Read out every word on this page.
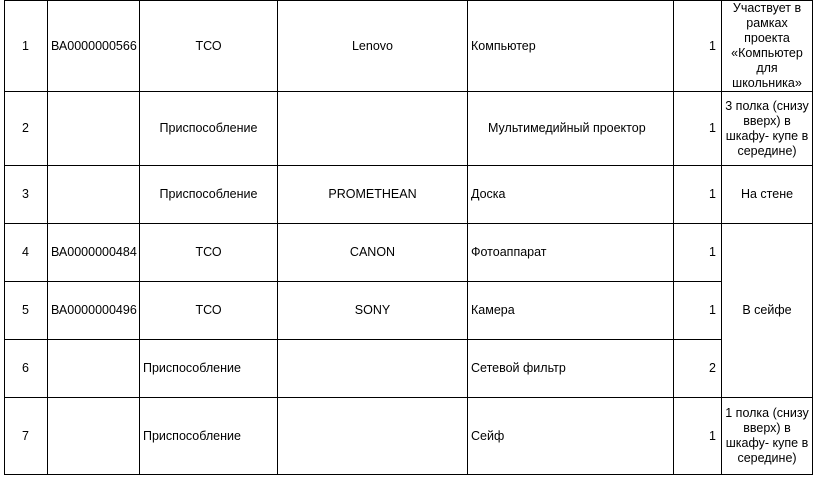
1	ВА0000000566	ТСО	Lenovo	Компьютер	1	Участвует в рамках проекта «Компьютер для школьника»
2		Приспособление		Мультимедийный проектор	1	3 полка (снизу вверх) в шкафу- купе в середине)
3		Приспособление	PROMETHEAN	Доска	1	На стене
4	ВА0000000484	ТСО	CANON	Фотоаппарат	1	В сейфе
5	ВА0000000496	ТСО	SONY	Камера	1	
6		Приспособление		Сетевой фильтр	2	
7		Приспособление		Сейф	1	1 полка (снизу вверх) в шкафу- купе в середине)
